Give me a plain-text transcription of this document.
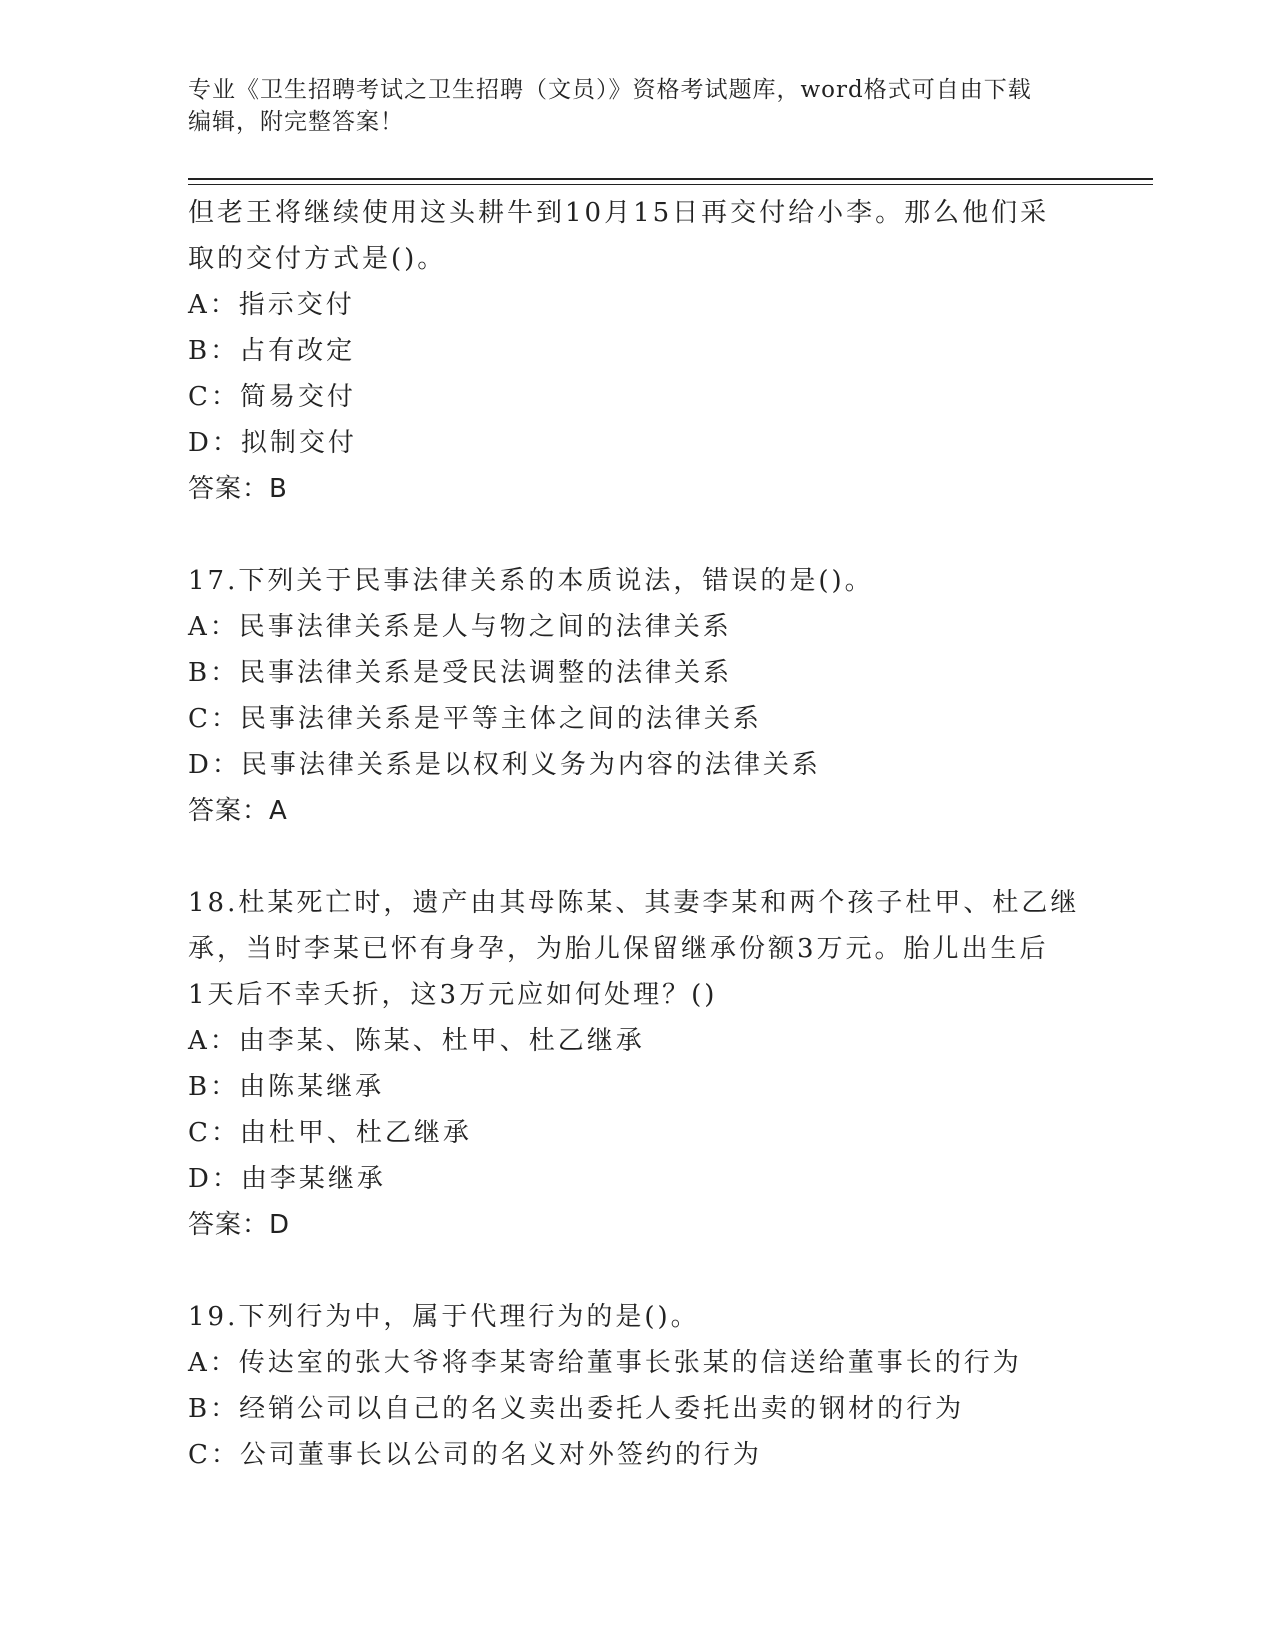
专业《卫生招聘考试之卫生招聘（文员）》资格考试题库，word格式可自由下载
编辑，附完整答案！
但老王将继续使用这头耕牛到10月15日再交付给小李。那么他们采
取的交付方式是()。
A：指示交付
B：占有改定
C：简易交付
D：拟制交付
答案：B
17.下列关于民事法律关系的本质说法，错误的是()。
A：民事法律关系是人与物之间的法律关系
B：民事法律关系是受民法调整的法律关系
C：民事法律关系是平等主体之间的法律关系
D：民事法律关系是以权利义务为内容的法律关系
答案：A
18.杜某死亡时，遗产由其母陈某、其妻李某和两个孩子杜甲、杜乙继
承，当时李某已怀有身孕，为胎儿保留继承份额3万元。胎儿出生后
1天后不幸夭折，这3万元应如何处理？()
A：由李某、陈某、杜甲、杜乙继承
B：由陈某继承
C：由杜甲、杜乙继承
D：由李某继承
答案：D
19.下列行为中，属于代理行为的是()。
A：传达室的张大爷将李某寄给董事长张某的信送给董事长的行为
B：经销公司以自己的名义卖出委托人委托出卖的钢材的行为
C：公司董事长以公司的名义对外签约的行为
